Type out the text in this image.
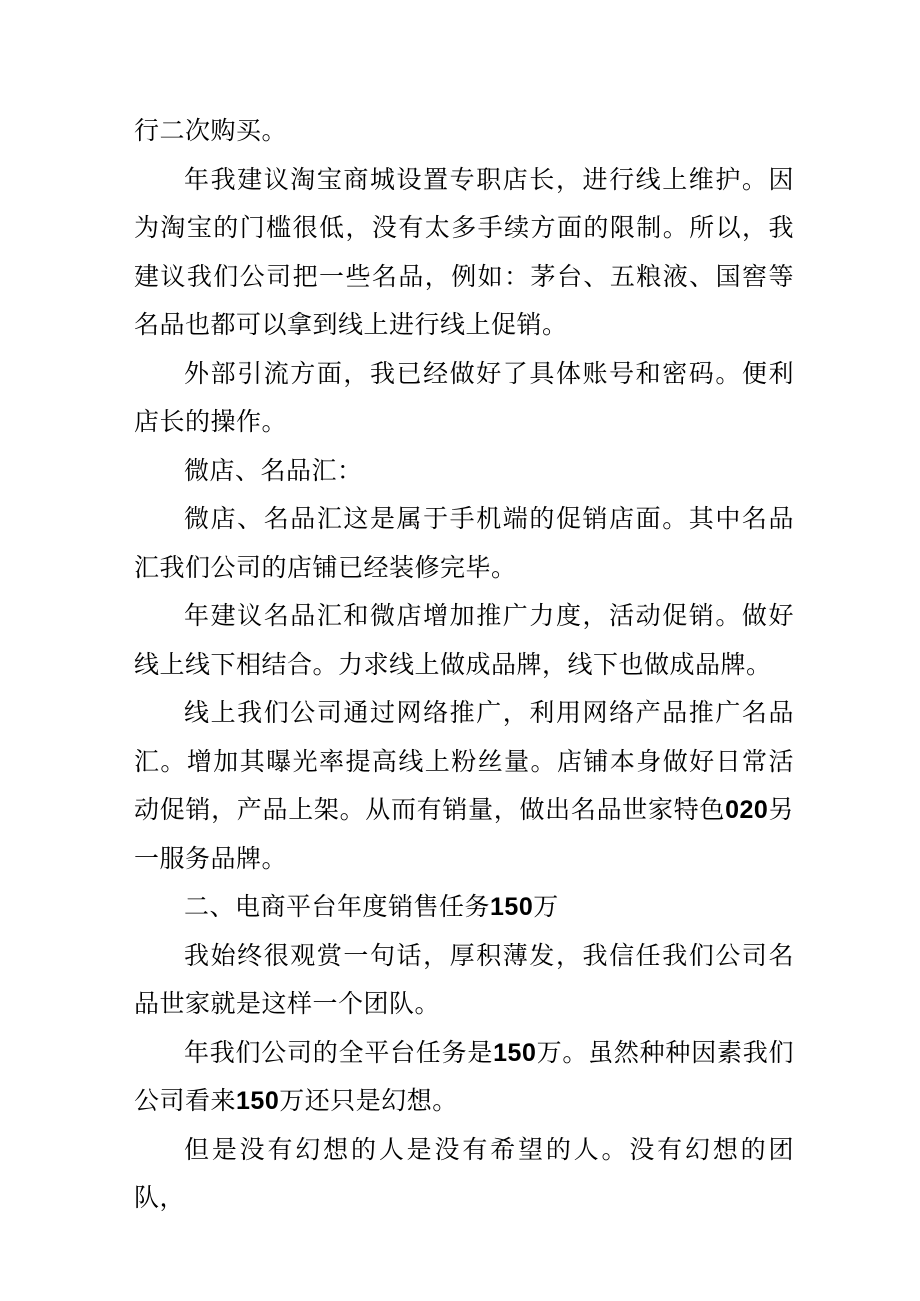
行二次购买。

年我建议淘宝商城设置专职店长，进行线上维护。因为淘宝的门槛很低，没有太多手续方面的限制。所以，我建议我们公司把一些名品，例如：茅台、五粮液、国窖等名品也都可以拿到线上进行线上促销。

外部引流方面，我已经做好了具体账号和密码。便利店长的操作。

微店、名品汇：

微店、名品汇这是属于手机端的促销店面。其中名品汇我们公司的店铺已经装修完毕。

年建议名品汇和微店增加推广力度，活动促销。做好线上线下相结合。力求线上做成品牌，线下也做成品牌。

线上我们公司通过网络推广，利用网络产品推广名品汇。增加其曝光率提高线上粉丝量。店铺本身做好日常活动促销，产品上架。从而有销量，做出名品世家特色020另一服务品牌。

二、电商平台年度销售任务150万

我始终很观赏一句话，厚积薄发，我信任我们公司名品世家就是这样一个团队。

年我们公司的全平台任务是150万。虽然种种因素我们公司看来150万还只是幻想。

但是没有幻想的人是没有希望的人。没有幻想的团队，
